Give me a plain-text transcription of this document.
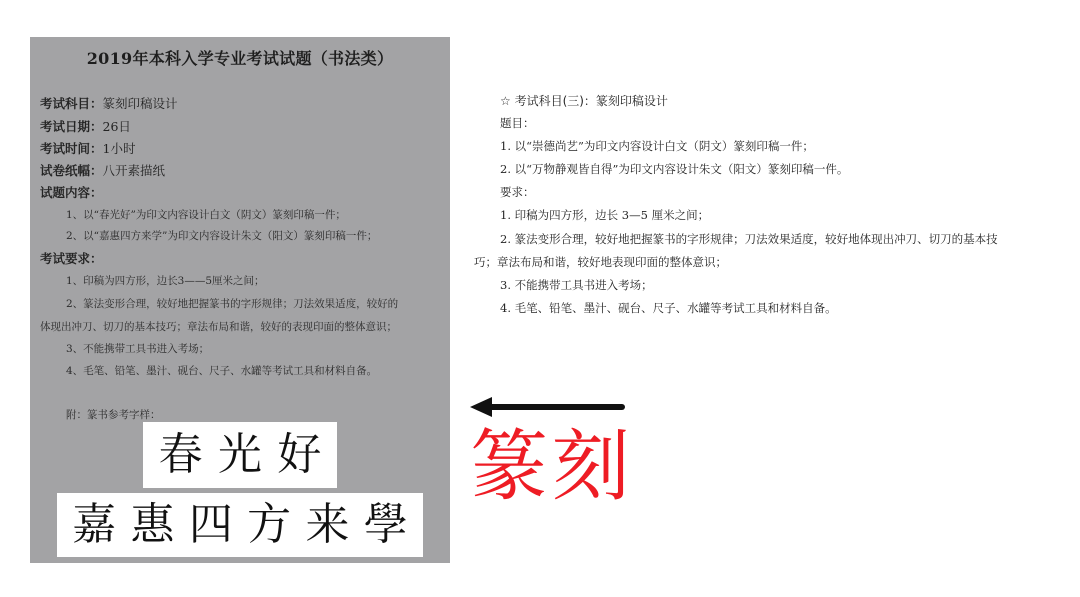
2019年本科入学专业考试试题（书法类）
考试科目：篆刻印稿设计
考试日期：26日
考试时间：1小时
试卷纸幅：八开素描纸
试题内容：
1、以“春光好”为印文内容设计白文（阴文）篆刻印稿一件；
2、以“嘉惠四方来学”为印文内容设计朱文（阳文）篆刻印稿一件；
考试要求：
1、印稿为四方形，边长3——5厘米之间；
2、篆法变形合理，较好地把握篆书的字形规律；刀法效果适度，较好的
体现出冲刀、切刀的基本技巧；章法布局和谐，较好的表现印面的整体意识；
3、不能携带工具书进入考场；
4、毛笔、铅笔、墨汁、砚台、尺子、水罐等考试工具和材料自备。
附：篆书参考字样：
春 光 好
嘉 惠 四 方 来 學
☆ 考试科目(三)：篆刻印稿设计
题目：
1. 以“崇德尚艺”为印文内容设计白文（阴文）篆刻印稿一件；
2. 以“万物静观皆自得”为印文内容设计朱文（阳文）篆刻印稿一件。
要求：
1. 印稿为四方形，边长 3—5 厘米之间；
2. 篆法变形合理，较好地把握篆书的字形规律；刀法效果适度，较好地体现出冲刀、切刀的基本技
巧；章法布局和谐，较好地表现印面的整体意识；
3. 不能携带工具书进入考场；
4. 毛笔、铅笔、墨汁、砚台、尺子、水罐等考试工具和材料自备。
篆刻
